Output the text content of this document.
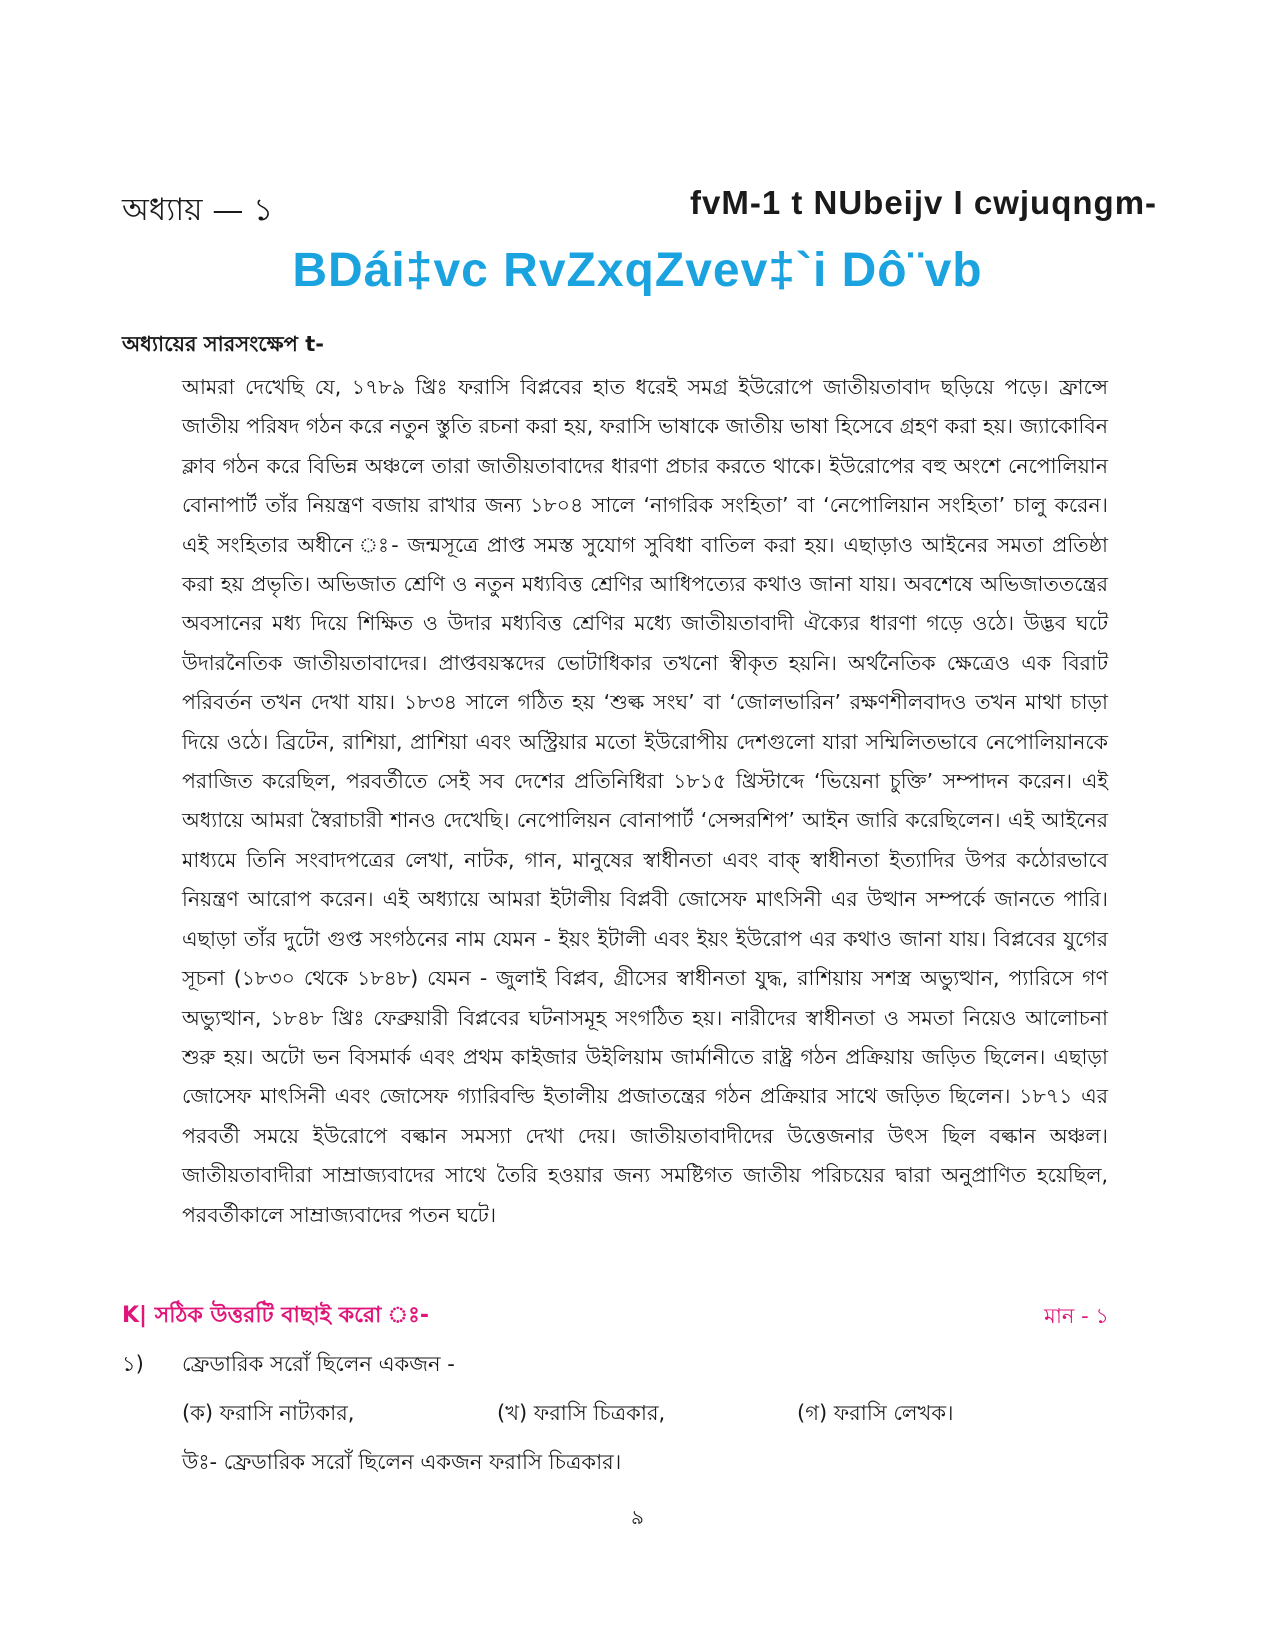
অধ্যায় — ১	fvM-1 t NUbeijv I cwjuqngm-
BDái‡vc RvZxqZvev‡`i Dô¨vb
অধ্যায়ের সারসংক্ষেপ t-
আমরা দেখেছি যে, ১৭৮৯ খ্রিঃ ফরাসি বিপ্লবের হাত ধরেই সমগ্র ইউরোপে জাতীয়তাবাদ ছড়িয়ে পড়ে। ফ্রান্সে জাতীয় পরিষদ গঠন করে নতুন স্তুতি রচনা করা হয়, ফরাসি ভাষাকে জাতীয় ভাষা হিসেবে গ্রহণ করা হয়। জ্যাকোবিন ক্লাব গঠন করে বিভিন্ন অঞ্চলে তারা জাতীয়তাবাদের ধারণা প্রচার করতে থাকে। ইউরোপের বহু অংশে নেপোলিয়ান বোনাপার্ট তাঁর নিয়ন্ত্রণ বজায় রাখার জন্য ১৮০৪ সালে ‘নাগরিক সংহিতা’ বা ‘নেপোলিয়ান সংহিতা’ চালু করেন। এই সংহিতার অধীনে ঃ- জন্মসূত্রে প্রাপ্ত সমস্ত সুযোগ সুবিধা বাতিল করা হয়। এছাড়াও আইনের সমতা প্রতিষ্ঠা করা হয় প্রভৃতি। অভিজাত শ্রেণি ও নতুন মধ্যবিত্ত শ্রেণির আধিপত্যের কথাও জানা যায়। অবশেষে অভিজাততন্ত্রের অবসানের মধ্য দিয়ে শিক্ষিত ও উদার মধ্যবিত্ত শ্রেণির মধ্যে জাতীয়তাবাদী ঐক্যের ধারণা গড়ে ওঠে। উদ্ভব ঘটে উদারনৈতিক জাতীয়তাবাদের। প্রাপ্তবয়স্কদের ভোটাধিকার তখনো স্বীকৃত হয়নি। অর্থনৈতিক ক্ষেত্রেও এক বিরাট পরিবর্তন তখন দেখা যায়। ১৮৩৪ সালে গঠিত হয় ‘শুল্ক সংঘ’ বা ‘জোলভারিন’ রক্ষণশীলবাদও তখন মাথা চাড়া দিয়ে ওঠে। ব্রিটেন, রাশিয়া, প্রাশিয়া এবং অস্ট্রিয়ার মতো ইউরোপীয় দেশগুলো যারা সম্মিলিতভাবে নেপোলিয়ানকে পরাজিত করেছিল, পরবর্তীতে সেই সব দেশের প্রতিনিধিরা ১৮১৫ খ্রিস্টাব্দে ‘ভিয়েনা চুক্তি’ সম্পাদন করেন। এই অধ্যায়ে আমরা স্বৈরাচারী শানও দেখেছি। নেপোলিয়ন বোনাপার্ট ‘সেন্সরশিপ’ আইন জারি করেছিলেন। এই আইনের মাধ্যমে তিনি সংবাদপত্রের লেখা, নাটক, গান, মানুষের স্বাধীনতা এবং বাক্ স্বাধীনতা ইত্যাদির উপর কঠোরভাবে নিয়ন্ত্রণ আরোপ করেন। এই অধ্যায়ে আমরা ইটালীয় বিপ্লবী জোসেফ মাৎসিনী এর উত্থান সম্পর্কে জানতে পারি। এছাড়া তাঁর দুটো গুপ্ত সংগঠনের নাম যেমন - ইয়ং ইটালী এবং ইয়ং ইউরোপ এর কথাও জানা যায়। বিপ্লবের যুগের সূচনা (১৮৩০ থেকে ১৮৪৮) যেমন - জুলাই বিপ্লব, গ্রীসের স্বাধীনতা যুদ্ধ, রাশিয়ায় সশস্ত্র অভ্যুত্থান, প্যারিসে গণ অভ্যুত্থান, ১৮৪৮ খ্রিঃ ফেব্রুয়ারী বিপ্লবের ঘটনাসমূহ সংগঠিত হয়। নারীদের স্বাধীনতা ও সমতা নিয়েও আলোচনা শুরু হয়। অটো ভন বিসমার্ক এবং প্রথম কাইজার উইলিয়াম জার্মানীতে রাষ্ট্র গঠন প্রক্রিয়ায় জড়িত ছিলেন। এছাড়া জোসেফ মাৎসিনী এবং জোসেফ গ্যারিবল্ডি ইতালীয় প্রজাতন্ত্রের গঠন প্রক্রিয়ার সাথে জড়িত ছিলেন। ১৮৭১ এর পরবর্তী সময়ে ইউরোপে বল্কান সমস্যা দেখা দেয়। জাতীয়তাবাদীদের উত্তেজনার উৎস ছিল বল্কান অঞ্চল। জাতীয়তাবাদীরা সাম্রাজ্যবাদের সাথে তৈরি হওয়ার জন্য সমষ্টিগত জাতীয় পরিচয়ের দ্বারা অনুপ্রাণিত হয়েছিল, পরবর্তীকালে সাম্রাজ্যবাদের পতন ঘটে।
K| সঠিক উত্তরটি বাছাই করো ঃ-	মান - ১
১) ফ্রেডারিক সরোঁ ছিলেন একজন -
(ক) ফরাসি নাট্যকার,	(খ) ফরাসি চিত্রকার,	(গ) ফরাসি লেখক।
উঃ- ফ্রেডারিক সরোঁ ছিলেন একজন ফরাসি চিত্রকার।
৯
